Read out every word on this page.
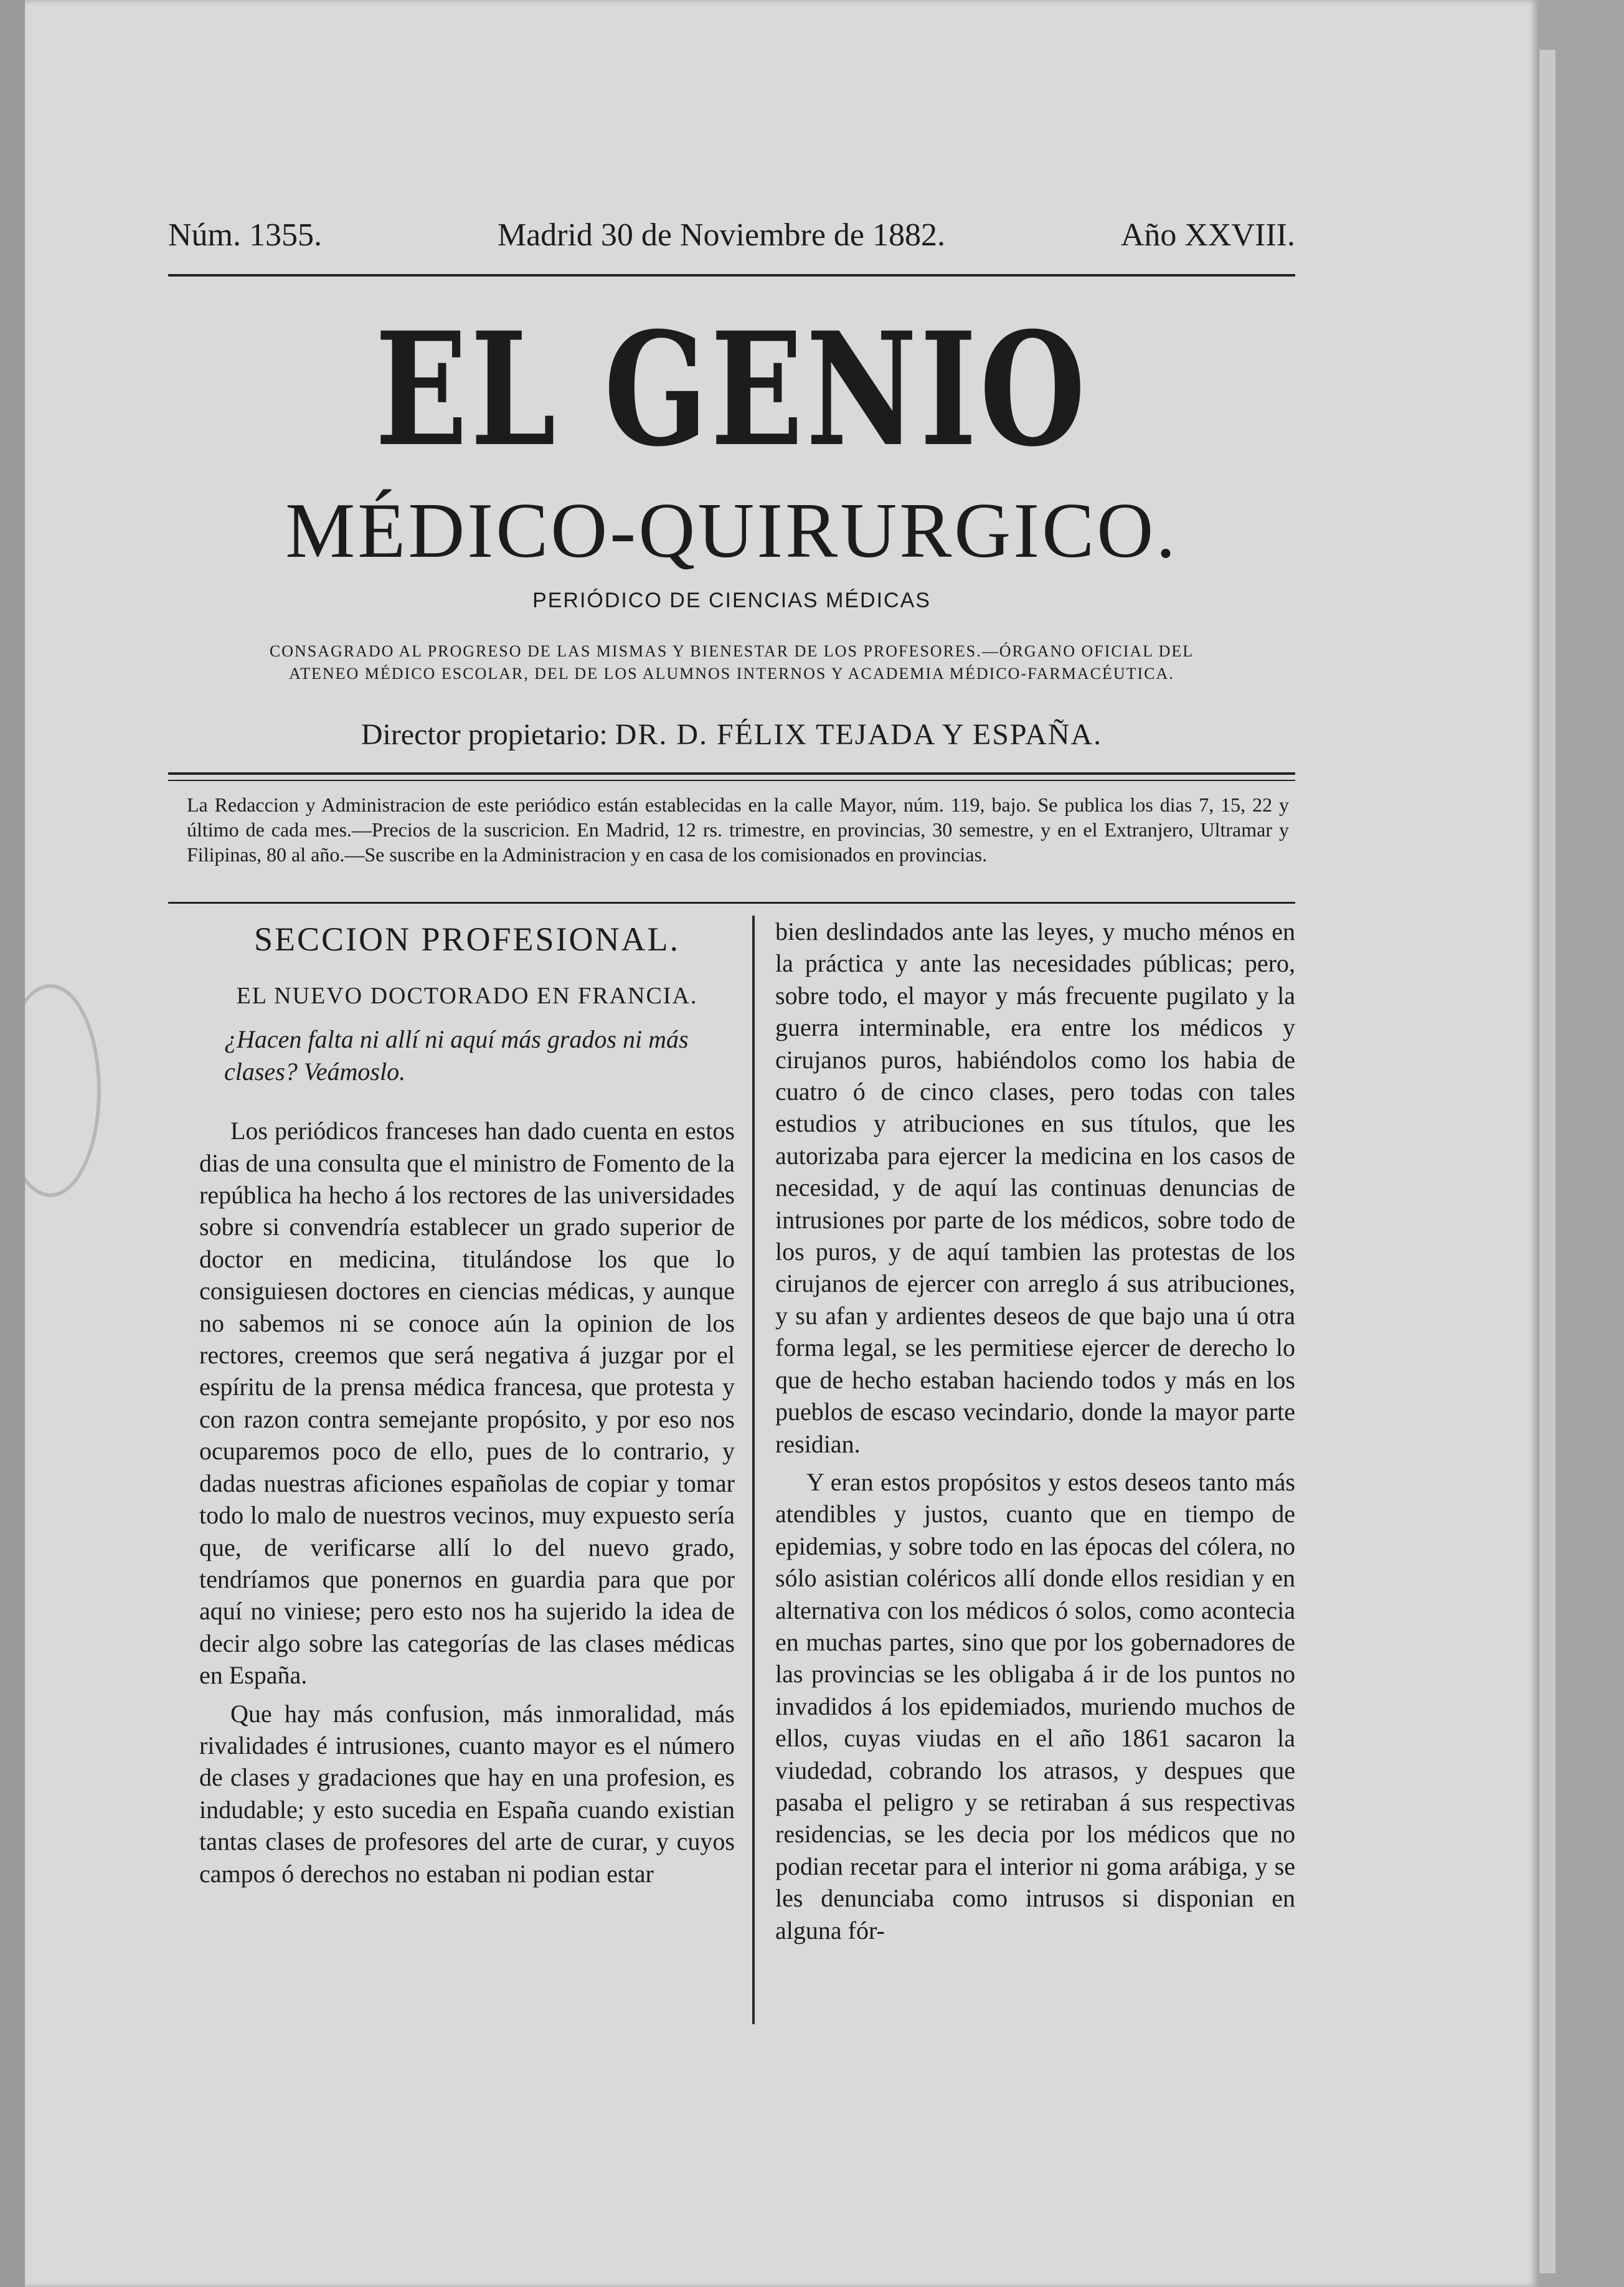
Núm. 1355.	Madrid 30 de Noviembre de 1882.	Año XXVIII.
EL GENIO
MÉDICO-QUIRURGICO.
PERIÓDICO DE CIENCIAS MÉDICAS
CONSAGRADO AL PROGRESO DE LAS MISMAS Y BIENESTAR DE LOS PROFESORES.—ÓRGANO OFICIAL DEL
ATENEO MÉDICO ESCOLAR, DEL DE LOS ALUMNOS INTERNOS Y ACADEMIA MÉDICO-FARMACÉUTICA.
Director propietario: DR. D. FÉLIX TEJADA Y ESPAÑA.
La Redaccion y Administracion de este periódico están establecidas en la calle Mayor, núm. 119, bajo. Se publica los dias 7, 15, 22 y último de cada mes.—Precios de la suscricion. En Madrid, 12 rs. trimestre, en provincias, 30 semestre, y en el Extranjero, Ultramar y Filipinas, 80 al año.—Se suscribe en la Administracion y en casa de los comisionados en provincias.

SECCION PROFESIONAL.

EL NUEVO DOCTORADO EN FRANCIA.

¿Hacen falta ni allí ni aquí más grados ni más clases? Veámoslo.

Los periódicos franceses han dado cuenta en estos dias de una consulta que el ministro de Fomento de la república ha hecho á los rectores de las universidades sobre si convendría establecer un grado superior de doctor en medicina, titulándose los que lo consiguiesen doctores en ciencias médicas, y aunque no sabemos ni se conoce aún la opinion de los rectores, creemos que será negativa á juzgar por el espíritu de la prensa médica francesa, que protesta y con razon contra semejante propósito, y por eso nos ocuparemos poco de ello, pues de lo contrario, y dadas nuestras aficiones españolas de copiar y tomar todo lo malo de nuestros vecinos, muy expuesto sería que, de verificarse allí lo del nuevo grado, tendríamos que ponernos en guardia para que por aquí no viniese; pero esto nos ha sujerido la idea de decir algo sobre las categorías de las clases médicas en España.

Que hay más confusion, más inmoralidad, más rivalidades é intrusiones, cuanto mayor es el número de clases y gradaciones que hay en una profesion, es indudable; y esto sucedia en España cuando existian tantas clases de profesores del arte de curar, y cuyos campos ó derechos no estaban ni podian estar

bien deslindados ante las leyes, y mucho ménos en la práctica y ante las necesidades públicas; pero, sobre todo, el mayor y más frecuente pugilato y la guerra interminable, era entre los médicos y cirujanos puros, habiéndolos como los habia de cuatro ó de cinco clases, pero todas con tales estudios y atribuciones en sus títulos, que les autorizaba para ejercer la medicina en los casos de necesidad, y de aquí las continuas denuncias de intrusiones por parte de los médicos, sobre todo de los puros, y de aquí tambien las protestas de los cirujanos de ejercer con arreglo á sus atribuciones, y su afan y ardientes deseos de que bajo una ú otra forma legal, se les permitiese ejercer de derecho lo que de hecho estaban haciendo todos y más en los pueblos de escaso vecindario, donde la mayor parte residian.

Y eran estos propósitos y estos deseos tanto más atendibles y justos, cuanto que en tiempo de epidemias, y sobre todo en las épocas del cólera, no sólo asistian coléricos allí donde ellos residian y en alternativa con los médicos ó solos, como acontecia en muchas partes, sino que por los gobernadores de las provincias se les obligaba á ir de los puntos no invadidos á los epidemiados, muriendo muchos de ellos, cuyas viudas en el año 1861 sacaron la viudedad, cobrando los atrasos, y despues que pasaba el peligro y se retiraban á sus respectivas residencias, se les decia por los médicos que no podian recetar para el interior ni goma arábiga, y se les denunciaba como intrusos si disponian en alguna fór-
